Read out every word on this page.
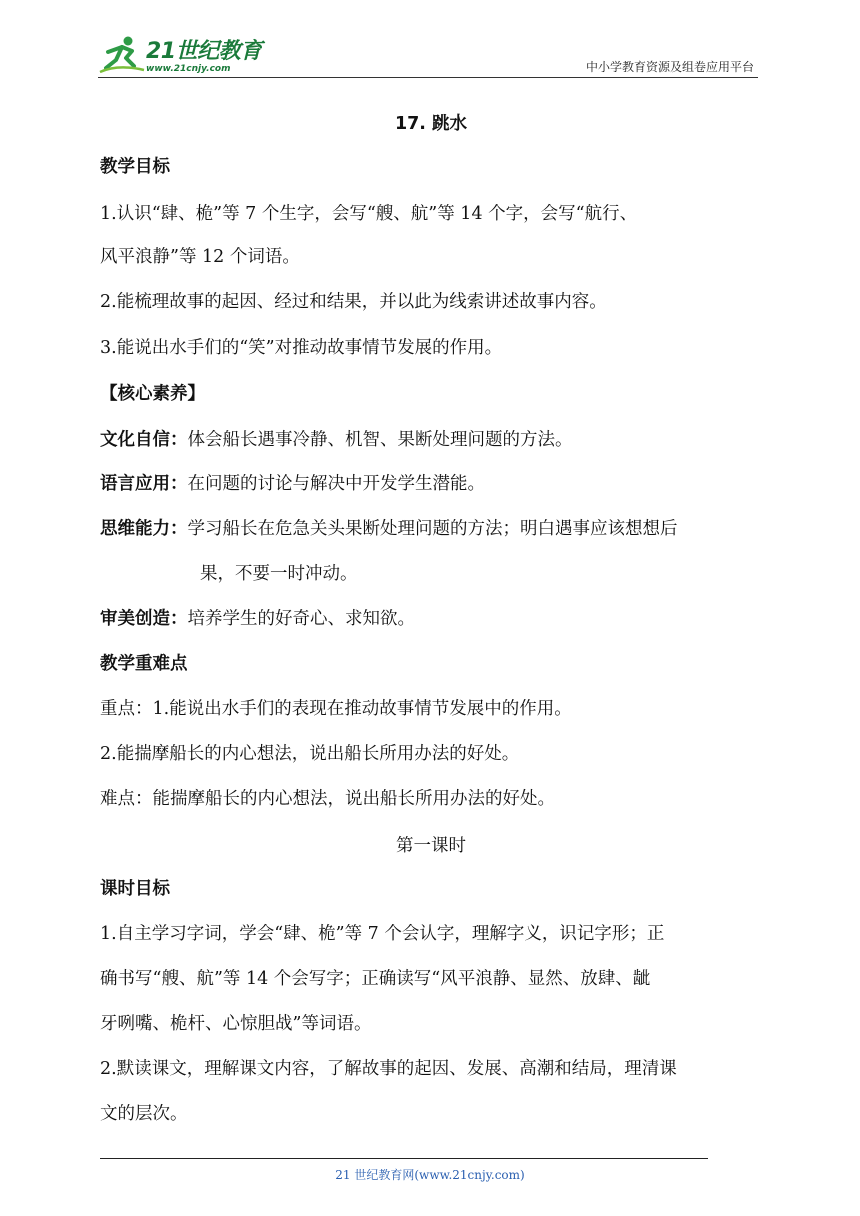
21世纪教育
www.21cnjy.com	中小学教育资源及组卷应用平台
17. 跳水
教学目标
1.认识“肆、桅”等 7 个生字，会写“艘、航”等 14 个字，会写“航行、
风平浪静”等 12 个词语。
2.能梳理故事的起因、经过和结果，并以此为线索讲述故事内容。
3.能说出水手们的“笑”对推动故事情节发展的作用。
【核心素养】
文化自信：体会船长遇事冷静、机智、果断处理问题的方法。
语言应用：在问题的讨论与解决中开发学生潜能。
思维能力：学习船长在危急关头果断处理问题的方法；明白遇事应该想想后
果，不要一时冲动。
审美创造：培养学生的好奇心、求知欲。
教学重难点
重点：1.能说出水手们的表现在推动故事情节发展中的作用。
2.能揣摩船长的内心想法，说出船长所用办法的好处。
难点：能揣摩船长的内心想法，说出船长所用办法的好处。
第一课时
课时目标
1.自主学习字词，学会“肆、桅”等 7 个会认字，理解字义，识记字形；正
确书写“艘、航”等 14 个会写字；正确读写“风平浪静、显然、放肆、龇
牙咧嘴、桅杆、心惊胆战”等词语。
2.默读课文，理解课文内容，了解故事的起因、发展、高潮和结局，理清课
文的层次。
21 世纪教育网(www.21cnjy.com)
